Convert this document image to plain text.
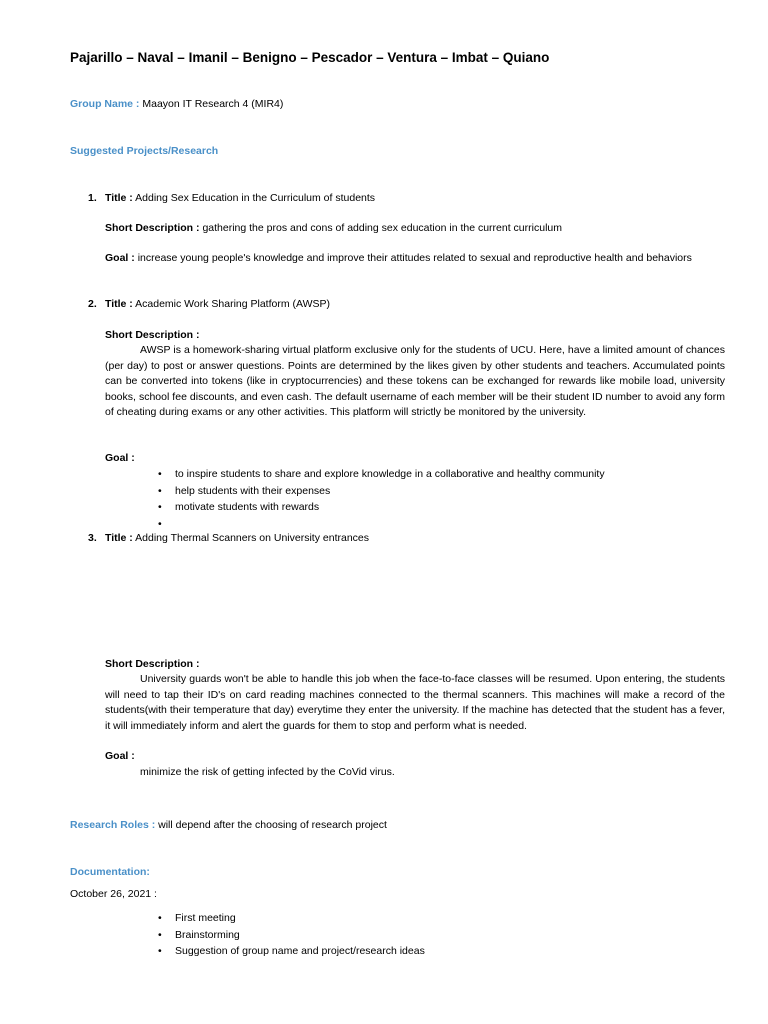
Pajarillo – Naval – Imanil – Benigno – Pescador – Ventura – Imbat – Quiano
Group Name : Maayon IT Research 4 (MIR4)
Suggested Projects/Research
1. Title : Adding Sex Education in the Curriculum of students
Short Description : gathering the pros and cons of adding sex education in the current curriculum
Goal : increase young people's knowledge and improve their attitudes related to sexual and reproductive health and behaviors
2. Title : Academic Work Sharing Platform (AWSP)
Short Description :
AWSP is a homework-sharing virtual platform exclusive only for the students of UCU. Here, have a limited amount of chances (per day) to post or answer questions. Points are determined by the likes given by other students and teachers. Accumulated points can be converted into tokens (like in cryptocurrencies) and these tokens can be exchanged for rewards like mobile load, university books, school fee discounts, and even cash. The default username of each member will be their student ID number to avoid any form of cheating during exams or any other activities. This platform will strictly be monitored by the university.
Goal :
• to inspire students to share and explore knowledge in a collaborative and healthy community
• help students with their expenses
• motivate students with rewards
•
3. Title : Adding Thermal Scanners on University entrances
Short Description :
University guards won't be able to handle this job when the face-to-face classes will be resumed. Upon entering, the students will need to tap their ID's on card reading machines connected to the thermal scanners. This machines will make a record of the students(with their temperature that day) everytime they enter the university. If the machine has detected that the student has a fever, it will immediately inform and alert the guards for them to stop and perform what is needed.
Goal :
minimize the risk of getting infected by the CoVid virus.
Research Roles : will depend after the choosing of research project
Documentation:
October 26, 2021 :
• First meeting
• Brainstorming
• Suggestion of group name and project/research ideas
